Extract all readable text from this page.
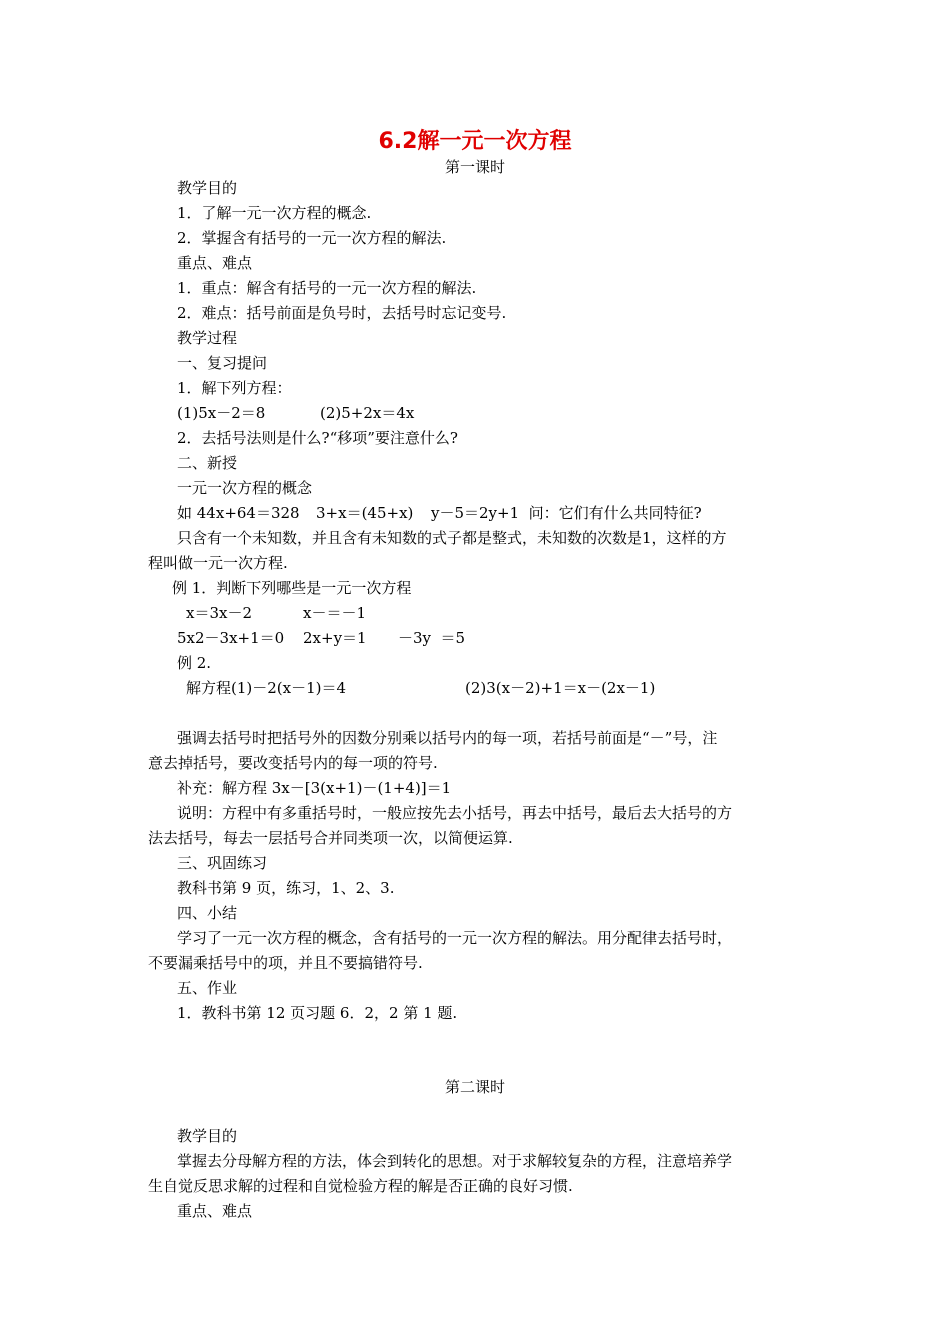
6.2解一元一次方程
第一课时
教学目的
1．了解一元一次方程的概念.
2．掌握含有括号的一元一次方程的解法.
重点、难点
1．重点：解含有括号的一元一次方程的解法.
2．难点：括号前面是负号时，去括号时忘记变号.
教学过程
一、复习提问
1．解下列方程：
(1)5x－2＝8	(2)5+2x＝4x
2．去括号法则是什么?“移项”要注意什么?
二、新授
一元一次方程的概念
如 44x+64＝328 3+x＝(45+x) y－5＝2y+1  问：它们有什么共同特征?
只含有一个未知数，并且含有未知数的式子都是整式，未知数的次数是1，这样的方
程叫做一元一次方程.
例 1．判断下列哪些是一元一次方程
x＝3x－2	x－＝－1
5x2－3x+1＝0 2x+y＝1 －3y  ＝5
例 2.
解方程(1)－2(x－1)＝4	(2)3(x－2)+1＝x－(2x－1)
强调去括号时把括号外的因数分别乘以括号内的每一项，若括号前面是“－”号，注
意去掉括号，要改变括号内的每一项的符号.
补充：解方程 3x－[3(x+1)－(1+4)]＝1
说明：方程中有多重括号时，一般应按先去小括号，再去中括号，最后去大括号的方
法去括号，每去一层括号合并同类项一次，以简便运算.
三、巩固练习
教科书第 9 页，练习，1、2、3.
四、小结
学习了一元一次方程的概念，含有括号的一元一次方程的解法。用分配律去括号时，
不要漏乘括号中的项，并且不要搞错符号.
五、作业
1．教科书第 12 页习题 6．2，2 第 1 题.
第二课时
教学目的
掌握去分母解方程的方法，体会到转化的思想。对于求解较复杂的方程，注意培养学
生自觉反思求解的过程和自觉检验方程的解是否正确的良好习惯.
重点、难点
